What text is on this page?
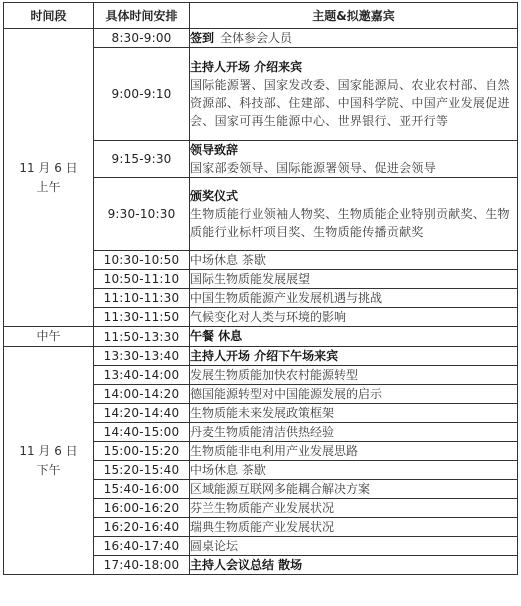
时间段	具体时间安排	主题&拟邀嘉宾

11 月 6 日
上午	8:30-9:00	签到 全体参会人员
	9:00-9:10	主持人开场 介绍来宾
国际能源署、国家发改委、国家能源局、农业农村部、自然资源部、科技部、住建部、中国科学院、中国产业发展促进会、国家可再生能源中心、世界银行、亚开行等

	9:15-9:30	领导致辞
国家部委领导、国际能源署领导、促进会领导

	9:30-10:30	颁奖仪式
生物质能行业领袖人物奖、生物质能企业特别贡献奖、生物质能行业标杆项目奖、生物质能传播贡献奖

	10:30-10:50	中场休息 茶歇
	10:50-11:10	国际生物质能发展展望
	11:10-11:30	中国生物质能源产业发展机遇与挑战
	11:30-11:50	气候变化对人类与环境的影响
中午	11:50-13:30	午餐 休息

11 月 6 日
下午	13:30-13:40	主持人开场 介绍下午场来宾
	13:40-14:00	发展生物质能加快农村能源转型
	14:00-14:20	德国能源转型对中国能源发展的启示
	14:20-14:40	生物质能未来发展政策框架
	14:40-15:00	丹麦生物质能清洁供热经验
	15:00-15:20	生物质能非电利用产业发展思路
	15:20-15:40	中场休息 茶歇
	15:40-16:00	区域能源互联网多能耦合解决方案
	16:00-16:20	芬兰生物质能产业发展状况
	16:20-16:40	瑞典生物质能产业发展状况
	16:40-17:40	圆桌论坛
	17:40-18:00	主持人会议总结 散场
